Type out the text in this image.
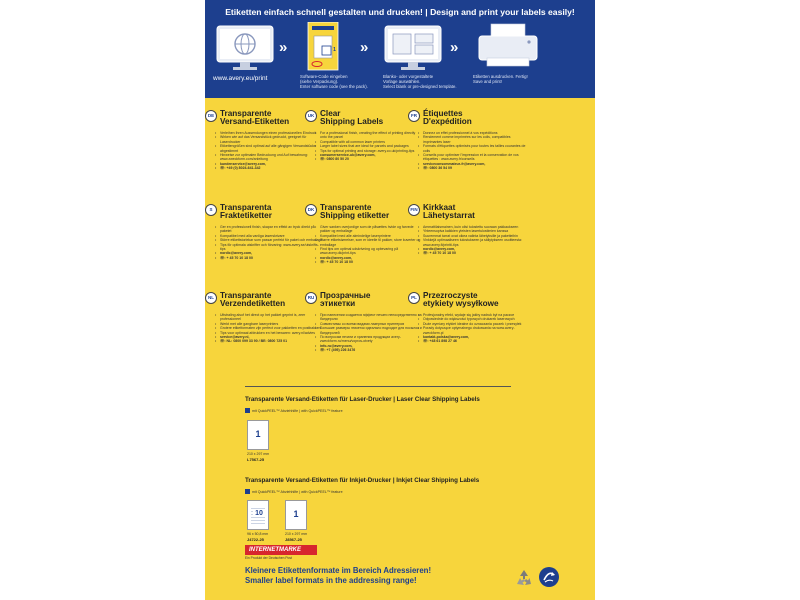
Etiketten einfach schnell gestalten und drucken! | Design and print your labels easily!
www.avery.eu/print
»	1
Software-Code eingeben
(siehe Verpackung).
Enter software code (see the pack).
»
Blanko- oder vorgestaltete
Vorlage auswählen.
Select blank or pre-designed template.
»
Etiketten ausdrucken. Fertig!
Save and print!
DE Transparente
Versand-Etiketten
• Verleihen Ihren Aussendungen einen professionellen Eindruck
• Wirken wie auf das Versandstück gedruckt, geeignet für Laserdrucker
• Etikettengrößen sind optimal auf alle gängigen Versandstücke abgestimmt
• Hinweise zur optimalen Bedruckung und Auf bewahrung: www.zweckform.com/anleitung
• kundenservice@avery.com,
• ☏: +49 (0) 8024-641-342
UK Clear
Shipping Labels
• For a professional finish, creating the effect of printing directly onto the parcel
• Compatible with all common laser printers
• Larger label sizes that are ideal for parcels and packages
• Tips for optimal printing and storage: avery.co.uk/printing-tips
• consumerservice-uk@avery.com,
• ☏: 0800 80 50 20
FR Étiquettes
D'expédition
• Donnez un effet professionnel à vos expéditions
• Rendement comme imprimées sur les colis, compatibles imprimantes laser
• Formats d'étiquettes optimisés pour toutes les tailles courantes de colis
• Conseils pour optimiser l'impression et la conservation de vos étiquettes : www.avery.fr/conseils
• serviceconsommateur-fr@avery.com,
• ☏: 0800 36 54 09
S Transparenta
Fraktetiketter
• Ger en professionell finish, skapar en effekt av tryck direkt på paketet
• Kompatibel med alla vanliga laserskrivare
• Större etikettstorlekar som passar perfekt för paket och emballage
• Tips för optimala utskrifter och förvaring: www.avery.se/utskrifts-tips
• nordic@avery.com,
• ☏: + 45 70 10 18 00
DK Transparente
Shipping etiketter
• Giver sanken overjordige som de påsættes hvide og farvede pakker og emballage
• Kompatibel med alle almindelige laserprintere
• Større etiketstørrelser, som er ideelle til pakker, store kuverter og emballage
• Find tips om optimal udskrivning og opbevaring på www.avery.dk/print-tips
• nordic@avery.com,
• ☏: + 45 70 10 18 00
FIN Kirkkaat
Lähetystarrat
• Ammattilaismainen, kuin olisi tulostettu suoraan pakkaukseen
• Yhteensopiva kaikkien yleisten lasertulostimien kanssa
• Suuremmat tarrat ovat oikea valinta lähetyksille ja paketteihin
• Vinkkejä optimaaliseen tulostukseen ja säilytykseen osoitteesta: www.avery.fi/printti-tips
• nordic@avery.com,
• ☏: + 45 70 10 18 00
NL Transparante
Verzendetiketten
• Uitstraling alsof het direct op het pakket geprint is, zeer professioneel
• Werkt met alle gangbare laserprinters
• Grotere etiketformaten zijn perfect voor pakketten en postbakken
• Tips voor optimaal afdrukken en het bewaren: avery.nl/advies
• service@avery.nl,
• ☏: NL: 0800 099 33 90 / BE: 0800 725 01
RU Прозрачные
этикетки
• При нанесении создается эффект печати непосредственно на бандероли
• Совместимы со всеми видами лазерных принтеров
• Большие размеры этикеток идеально подходят для посылок и бандеролей
• По вопросам печати и хранения продукции avery-zweckform.ru/menu/vopros-otvety
• info-ru@avery.com,
• ☏: +7 (495) 226 3476
PL Przezroczyste
etykiety wysyłkowe
• Profesjonalny efekt, wydaje się jakby nadruk był na paczce
• Odpowiednie do większości typowych drukarek laserowych
• Duże wymiary etykiet idealne do oznaczania paczek i przesyłek
• Porady dotyczące optymalnego drukowania na www.avery-zweckform.pl
• kontakt-polska@avery.com,
• ☏: +48 61 898 27 46
Transparente Versand-Etiketten für Laser-Drucker | Laser Clear Shipping Labels
mit QuickPEEL™ Abziehhilfe | with QuickPEEL™ feature
1
210 x 297 mm
L7567-25
Transparente Versand-Etiketten für Inkjet-Drucker | Inkjet Clear Shipping Labels
mit QuickPEEL™ Abziehhilfe | with QuickPEEL™ feature
10
96 x 50,8 mm
J4722-25
1
210 x 297 mm
J8567-25
INTERNETMARKE
Ein Produkt der Deutschen Post
Kleinere Etikettenformate im Bereich Adressieren!
Smaller label formats in the addressing range!
